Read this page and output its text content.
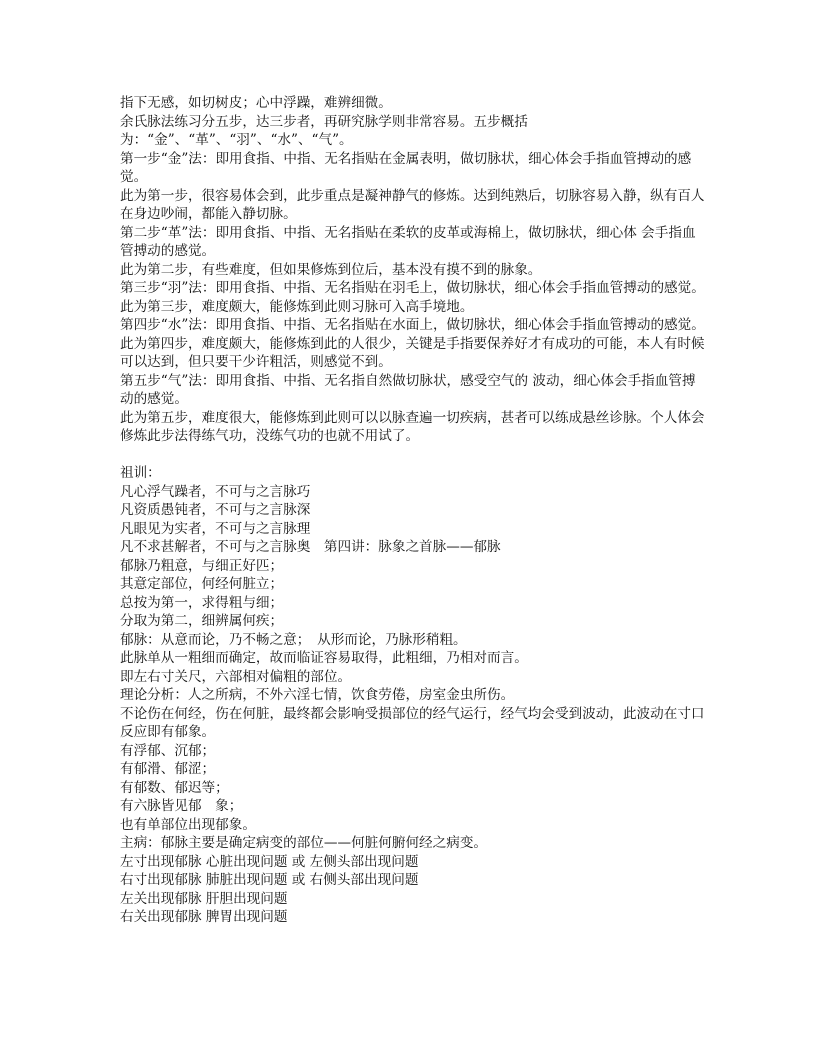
指下无感，如切树皮；心中浮躁，难辨细微。

余氏脉法练习分五步，达三步者，再研究脉学则非常容易。五步概括为：“金”、“革”、“羽”、“水”、“气”。

第一步“金”法：即用食指、中指、无名指贴在金属表明，做切脉状，细心体会手指血管搏动的感觉。

此为第一步，很容易体会到，此步重点是凝神静气的修炼。达到纯熟后，切脉容易入静，纵有百人在身边吵闹，都能入静切脉。

第二步“革”法：即用食指、中指、无名指贴在柔软的皮革或海棉上，做切脉状，细心体 会手指血管搏动的感觉。

此为第二步，有些难度，但如果修炼到位后，基本没有摸不到的脉象。

第三步“羽”法：即用食指、中指、无名指贴在羽毛上，做切脉状，细心体会手指血管搏动的感觉。

此为第三步，难度颇大，能修炼到此则习脉可入高手境地。

第四步“水”法：即用食指、中指、无名指贴在水面上，做切脉状，细心体会手指血管搏动的感觉。

此为第四步，难度颇大，能修炼到此的人很少，关键是手指要保养好才有成功的可能，本人有时候可以达到，但只要干少许粗活，则感觉不到。

第五步“气”法：即用食指、中指、无名指自然做切脉状，感受空气的 波动，细心体会手指血管搏动的感觉。

此为第五步，难度很大，能修炼到此则可以以脉查遍一切疾病，甚者可以练成悬丝诊脉。个人体会修炼此步法得练气功，没练气功的也就不用试了。

祖训：

凡心浮气躁者，不可与之言脉巧

凡资质愚钝者，不可与之言脉深

凡眼见为实者，不可与之言脉理

凡不求甚解者，不可与之言脉奥　第四讲：脉象之首脉——郁脉

郁脉乃粗意，与细正好匹；

其意定部位，何经何脏立；

总按为第一，求得粗与细；

分取为第二，细辨属何疾；

郁脉：从意而论，乃不畅之意；　从形而论，乃脉形稍粗。

此脉单从一粗细而确定，故而临证容易取得，此粗细，乃相对而言。

即左右寸关尺，六部相对偏粗的部位。

理论分析：人之所病，不外六淫七情，饮食劳倦，房室金虫所伤。

不论伤在何经，伤在何脏，最终都会影响受损部位的经气运行，经气均会受到波动，此波动在寸口反应即有郁象。

有浮郁、沉郁；

有郁滑、郁涩；

有郁数、郁迟等；

有六脉皆见郁　象；

也有单部位出现郁象。

主病：郁脉主要是确定病变的部位——何脏何腑何经之病变。

左寸出现郁脉 心脏出现问题 或 左侧头部出现问题

右寸出现郁脉 肺脏出现问题 或 右侧头部出现问题

左关出现郁脉 肝胆出现问题

右关出现郁脉 脾胃出现问题
